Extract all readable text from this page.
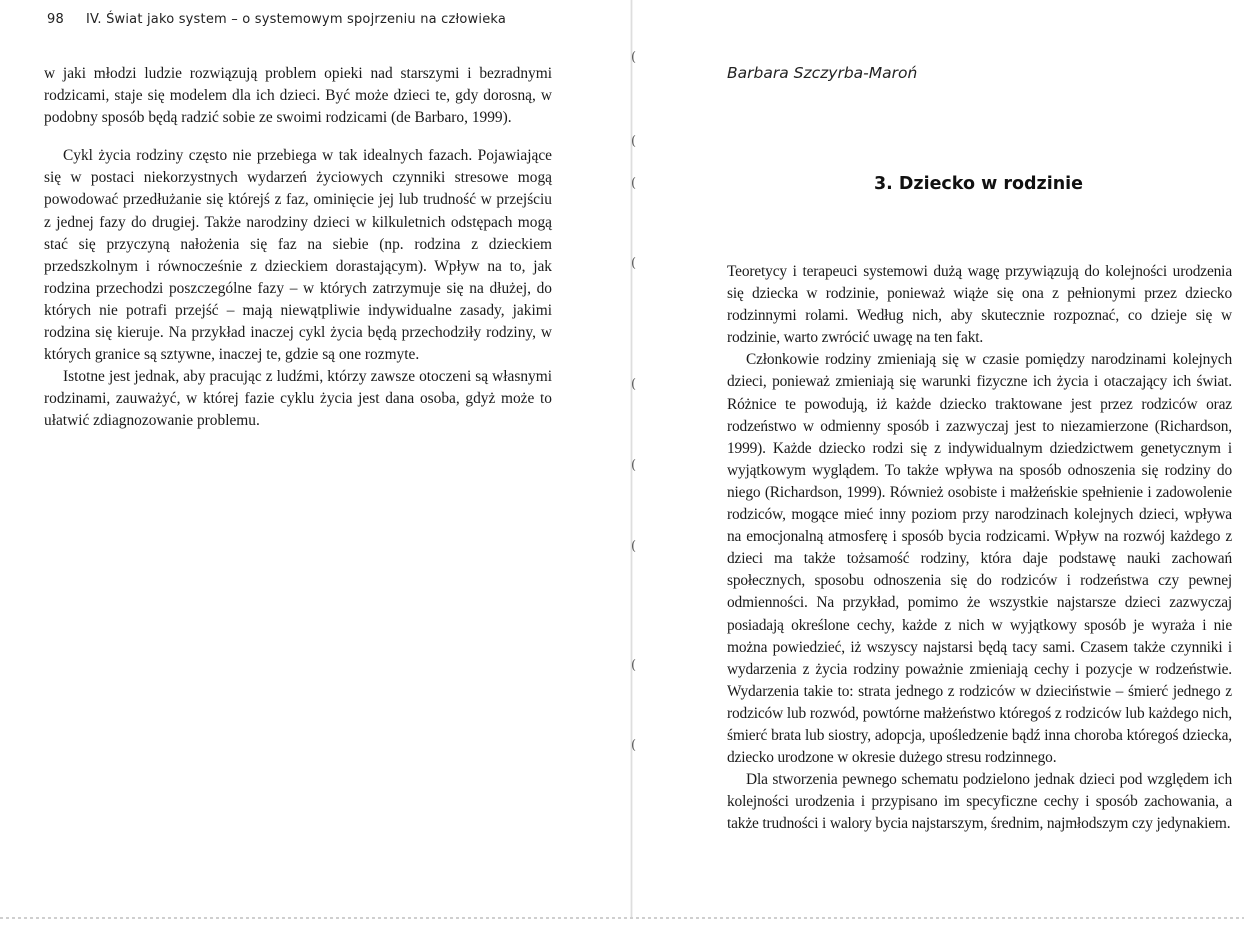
(
(
(
(
(
(
(
(
(
98 IV. Świat jako system – o systemowym spojrzeniu na człowieka

w jaki młodzi ludzie rozwiązują problem opieki nad starszymi i bezradnymi rodzicami, staje się modelem dla ich dzieci. Być może dzieci te, gdy dorosną, w podobny sposób będą radzić sobie ze swoimi rodzicami (de Barbaro, 1999).

Cykl życia rodziny często nie przebiega w tak idealnych fazach. Pojawiające się w postaci niekorzystnych wydarzeń życiowych czynniki stresowe mogą powodować przedłużanie się którejś z faz, ominięcie jej lub trudność w przejściu z jednej fazy do drugiej. Także narodziny dzieci w kilkuletnich odstępach mogą stać się przyczyną nałożenia się faz na siebie (np. rodzina z dzieckiem przedszkolnym i równocześnie z dzieckiem dorastającym). Wpływ na to, jak rodzina przechodzi poszczególne fazy – w których zatrzymuje się na dłużej, do których nie potrafi przejść – mają niewątpliwie indywidualne zasady, jakimi rodzina się kieruje. Na przykład inaczej cykl życia będą przechodziły rodziny, w których granice są sztywne, inaczej te, gdzie są one rozmyte.

Istotne jest jednak, aby pracując z ludźmi, którzy zawsze otoczeni są własnymi rodzinami, zauważyć, w której fazie cyklu życia jest dana osoba, gdyż może to ułatwić zdiagnozowanie problemu.

Barbara Szczyrba-Maroń
3. Dziecko w rodzinie

Teoretycy i terapeuci systemowi dużą wagę przywiązują do kolejności urodzenia się dziecka w rodzinie, ponieważ wiąże się ona z pełnionymi przez dziecko rodzinnymi rolami. Według nich, aby skutecznie rozpoznać, co dzieje się w rodzinie, warto zwrócić uwagę na ten fakt.

Członkowie rodziny zmieniają się w czasie pomiędzy narodzinami kolejnych dzieci, ponieważ zmieniają się warunki fizyczne ich życia i otaczający ich świat. Różnice te powodują, iż każde dziecko traktowane jest przez rodziców oraz rodzeństwo w odmienny sposób i zazwyczaj jest to niezamierzone (Richardson, 1999). Każde dziecko rodzi się z indywidualnym dziedzictwem genetycznym i wyjątkowym wyglądem. To także wpływa na sposób odnoszenia się rodziny do niego (Richardson, 1999). Również osobiste i małżeńskie spełnienie i zadowolenie rodziców, mogące mieć inny poziom przy narodzinach kolejnych dzieci, wpływa na emocjonalną atmosferę i sposób bycia rodzicami. Wpływ na rozwój każdego z dzieci ma także tożsamość rodziny, która daje podstawę nauki zachowań społecznych, sposobu odnoszenia się do rodziców i rodzeństwa czy pewnej odmienności. Na przykład, pomimo że wszystkie najstarsze dzieci zazwyczaj posiadają określone cechy, każde z nich w wyjątkowy sposób je wyraża i nie można powiedzieć, iż wszyscy najstarsi będą tacy sami. Czasem także czynniki i wydarzenia z życia rodziny poważnie zmieniają cechy i pozycje w rodzeństwie. Wydarzenia takie to: strata jednego z rodziców w dzieciństwie – śmierć jednego z rodziców lub rozwód, powtórne małżeństwo któregoś z rodziców lub każdego nich, śmierć brata lub siostry, adopcja, upośledzenie bądź inna choroba któregoś dziecka, dziecko urodzone w okresie dużego stresu rodzinnego.

Dla stworzenia pewnego schematu podzielono jednak dzieci pod względem ich kolejności urodzenia i przypisano im specyficzne cechy i sposób zachowania, a także trudności i walory bycia najstarszym, średnim, najmłodszym czy jedynakiem.
